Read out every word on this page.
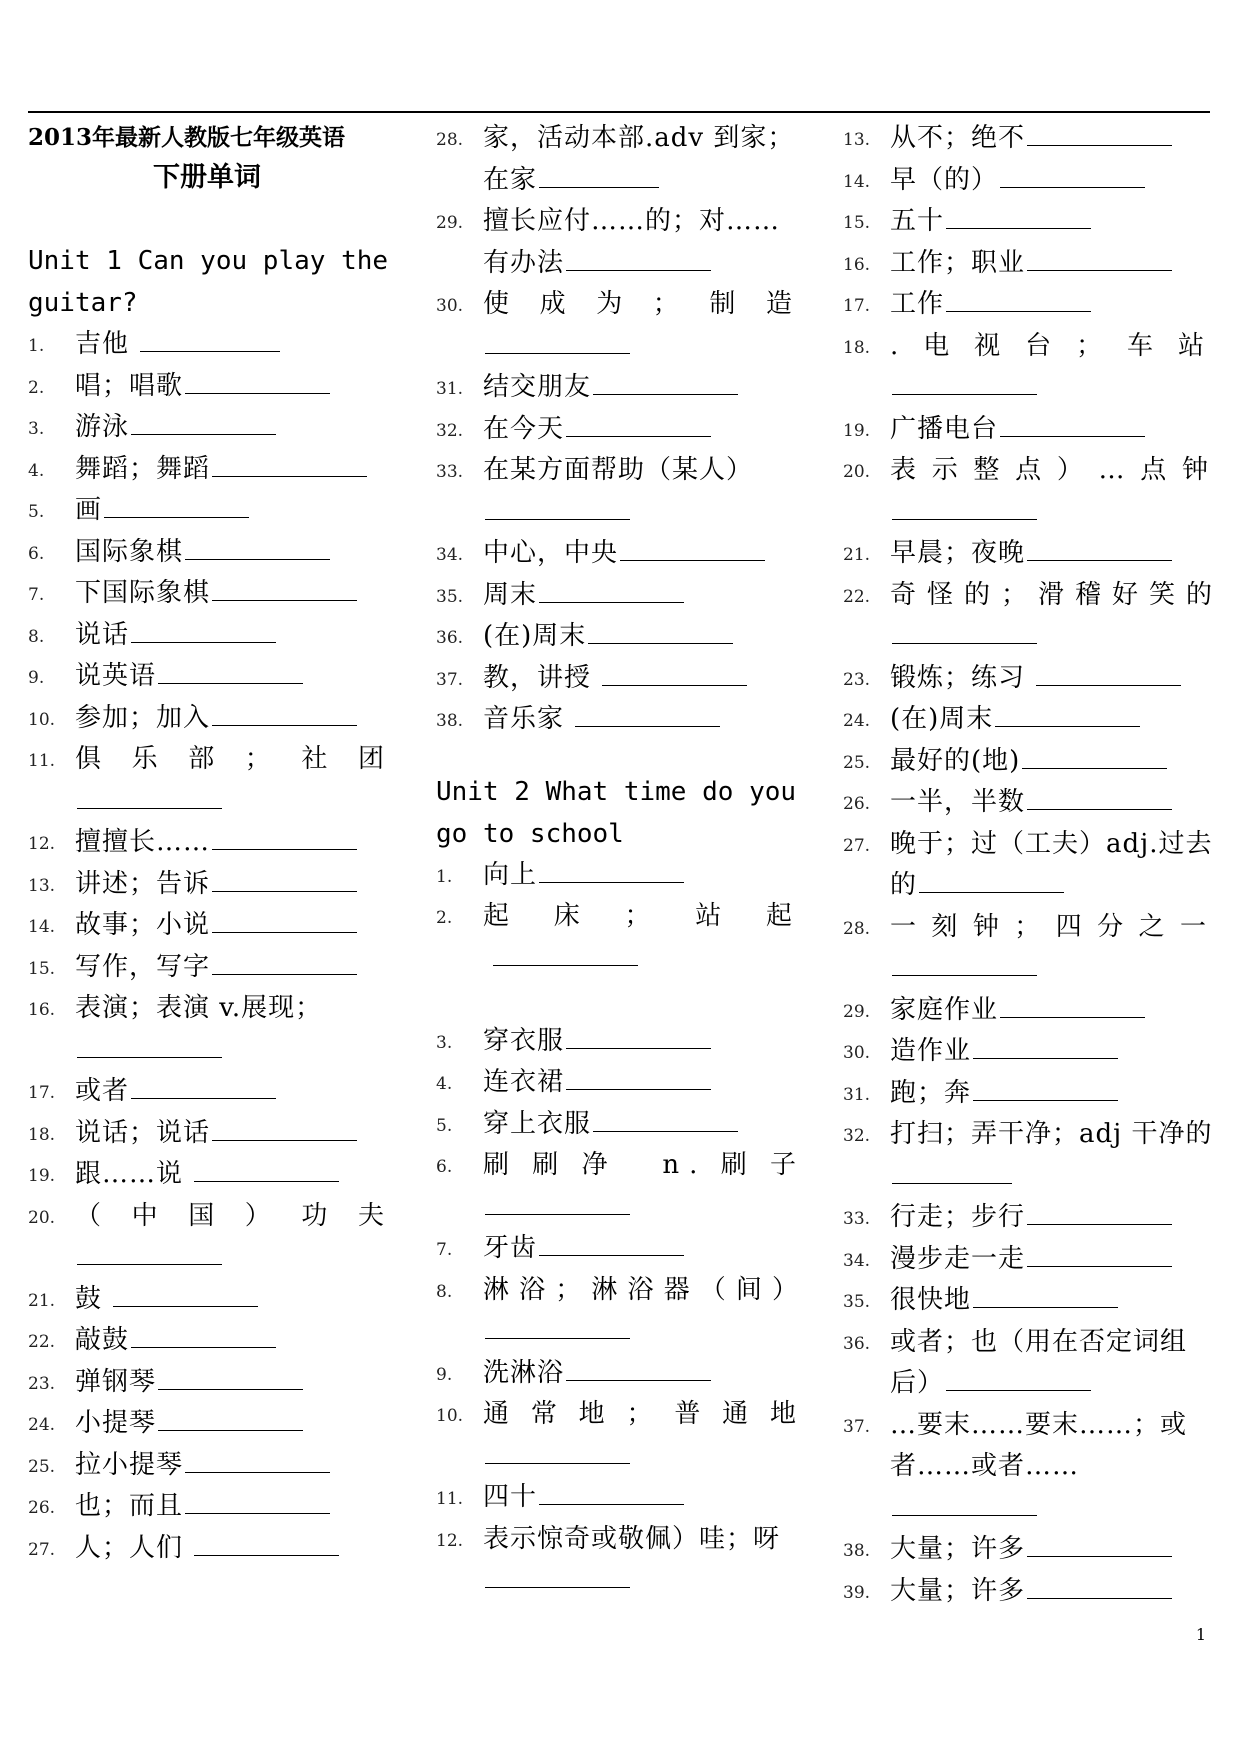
2013年最新人教版七年级英语
下册单词
Unit 1 Can you play the guitar?
1. 吉他
2. 唱；唱歌
3. 游泳
4. 舞蹈；舞蹈
5. 画
6. 国际象棋
7. 下国际象棋
8. 说话
9. 说英语
10. 参加；加入
11. 俱乐部；社团
12. 擅擅长……
13. 讲述；告诉
14. 故事；小说
15. 写作，写字
16. 表演；表演 v.展现；

17. 或者
18. 说话；说话
19. 跟……说
20. （中国）功夫
21. 鼓
22. 敲鼓
23. 弹钢琴
24. 小提琴
25. 拉小提琴
26. 也；而且
27. 人；人们
28. 家，活动本部.adv 到家；在家
29. 擅长应付……的；对……有办法
30. 使成为；制造
31. 结交朋友
32. 在今天
33. 在某方面帮助（某人）

34. 中心，中央
35. 周末
36. (在)周末
37. 教，讲授
38. 音乐家
Unit 2 What time do you go to school
1. 向上
2. 起床；站起

3. 穿衣服
4. 连衣裙
5. 穿上衣服
6. 刷刷净 n.刷子
7. 牙齿
8. 淋浴；淋浴器（间）
9. 洗淋浴
10. 通常地；普通地
11. 四十
12. 表示惊奇或敬佩）哇；呀

13. 从不；绝不
14. 早（的）
15. 五十
16. 工作；职业
17. 工作
18. .电视台；车站
19. 广播电台
20. 表示整点）…点钟
21. 早晨；夜晚
22. 奇怪的；滑稽好笑的
23. 锻炼；练习
24. (在)周末
25. 最好的(地)
26. 一半，半数
27. 晚于；过（工夫）adj.过去的
28. 一刻钟；四分之一
29. 家庭作业
30. 造作业
31. 跑；奔
32. 打扫；弄干净；adj 干净的
33. 行走；步行
34. 漫步走一走
35. 很快地
36. 或者；也（用在否定词组后）
37. …要末……要末……；或者……或者……
38. 大量；许多
39. 大量；许多
1
